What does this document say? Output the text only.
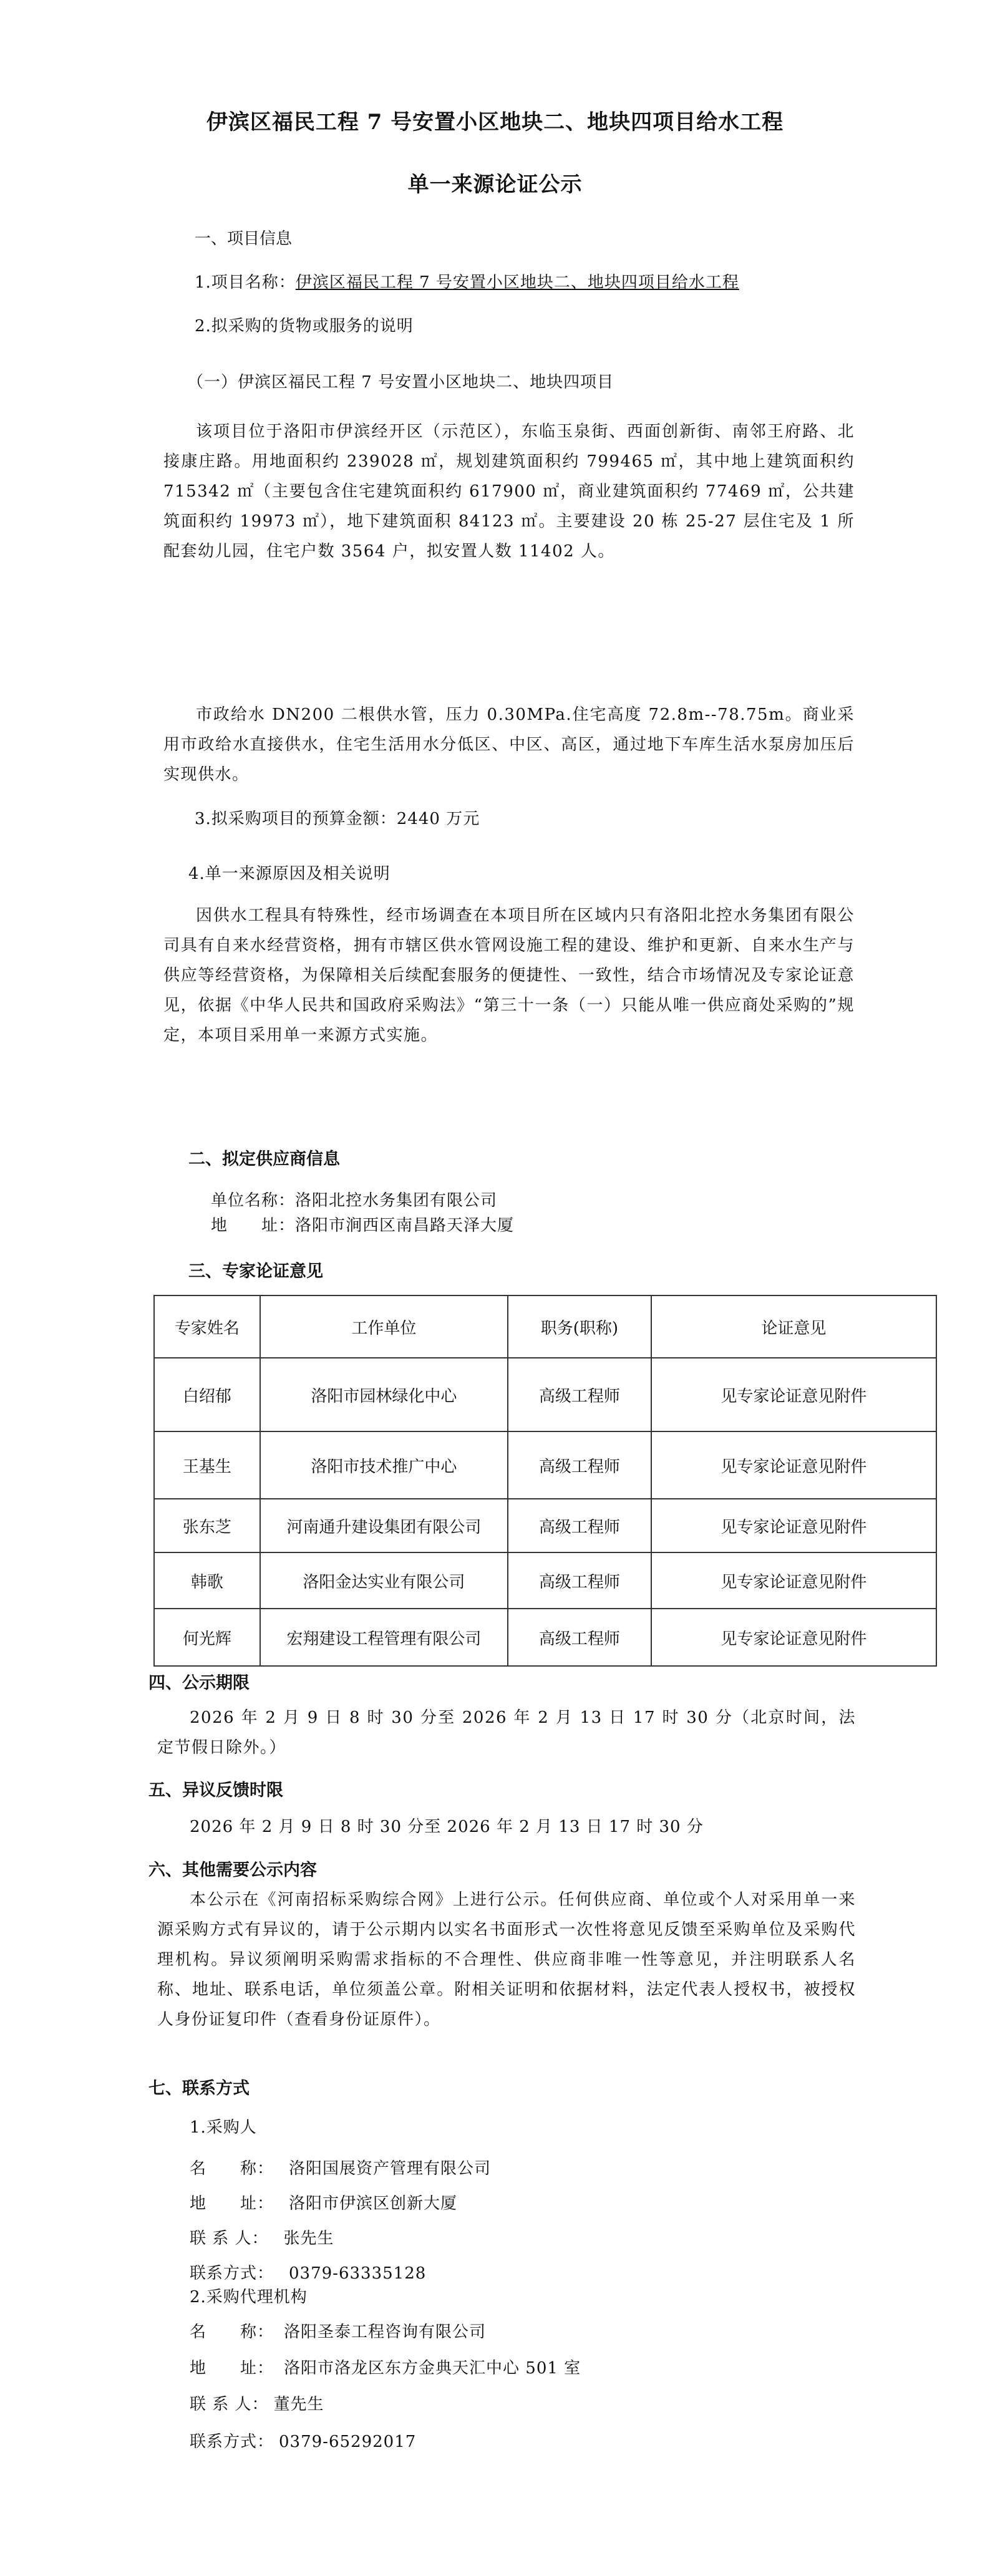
伊滨区福民工程 7 号安置小区地块二、地块四项目给水工程
单一来源论证公示
一、项目信息
1.项目名称：伊滨区福民工程 7 号安置小区地块二、地块四项目给水工程
2.拟采购的货物或服务的说明
（一）伊滨区福民工程 7 号安置小区地块二、地块四项目
该项目位于洛阳市伊滨经开区（示范区），东临玉泉街、西面创新街、南邻王府路、北接康庄路。用地面积约 239028 ㎡，规划建筑面积约 799465 ㎡，其中地上建筑面积约 715342 ㎡（主要包含住宅建筑面积约 617900 ㎡，商业建筑面积约 77469 ㎡，公共建筑面积约 19973 ㎡），地下建筑面积 84123 ㎡。主要建设 20 栋 25-27 层住宅及 1 所配套幼儿园，住宅户数 3564 户，拟安置人数 11402 人。
市政给水 DN200 二根供水管，压力 0.30MPa.住宅高度 72.8m--78.75m。商业采用市政给水直接供水，住宅生活用水分低区、中区、高区，通过地下车库生活水泵房加压后实现供水。
3.拟采购项目的预算金额：2440 万元
4.单一来源原因及相关说明
因供水工程具有特殊性，经市场调查在本项目所在区域内只有洛阳北控水务集团有限公司具有自来水经营资格，拥有市辖区供水管网设施工程的建设、维护和更新、自来水生产与供应等经营资格，为保障相关后续配套服务的便捷性、一致性，结合市场情况及专家论证意见，依据《中华人民共和国政府采购法》“第三十一条（一）只能从唯一供应商处采购的”规定，本项目采用单一来源方式实施。
二、拟定供应商信息
单位名称：洛阳北控水务集团有限公司
地　　址：洛阳市涧西区南昌路天泽大厦
三、专家论证意见
专家姓名	工作单位	职务(职称)	论证意见
白绍郁	洛阳市园林绿化中心	高级工程师	见专家论证意见附件
王基生	洛阳市技术推广中心	高级工程师	见专家论证意见附件
张东芝	河南通升建设集团有限公司	高级工程师	见专家论证意见附件
韩歌	洛阳金达实业有限公司	高级工程师	见专家论证意见附件
何光辉	宏翔建设工程管理有限公司	高级工程师	见专家论证意见附件
四、公示期限
2026 年 2 月 9 日 8 时 30 分至 2026 年 2 月 13 日 17 时 30 分（北京时间，法定节假日除外。）
五、异议反馈时限
2026 年 2 月 9 日 8 时 30 分至 2026 年 2 月 13 日 17 时 30 分
六、其他需要公示内容
本公示在《河南招标采购综合网》上进行公示。任何供应商、单位或个人对采用单一来源采购方式有异议的，请于公示期内以实名书面形式一次性将意见反馈至采购单位及采购代理机构。异议须阐明采购需求指标的不合理性、供应商非唯一性等意见，并注明联系人名称、地址、联系电话，单位须盖公章。附相关证明和依据材料，法定代表人授权书，被授权人身份证复印件（查看身份证原件）。
七、联系方式
1.采购人
名　　称： 洛阳国展资产管理有限公司
地　　址： 洛阳市伊滨区创新大厦
联 系 人： 张先生
联系方式： 0379-63335128
2.采购代理机构
名　　称： 洛阳圣泰工程咨询有限公司
地　　址： 洛阳市洛龙区东方金典天汇中心 501 室
联 系 人： 董先生
联系方式： 0379-65292017
